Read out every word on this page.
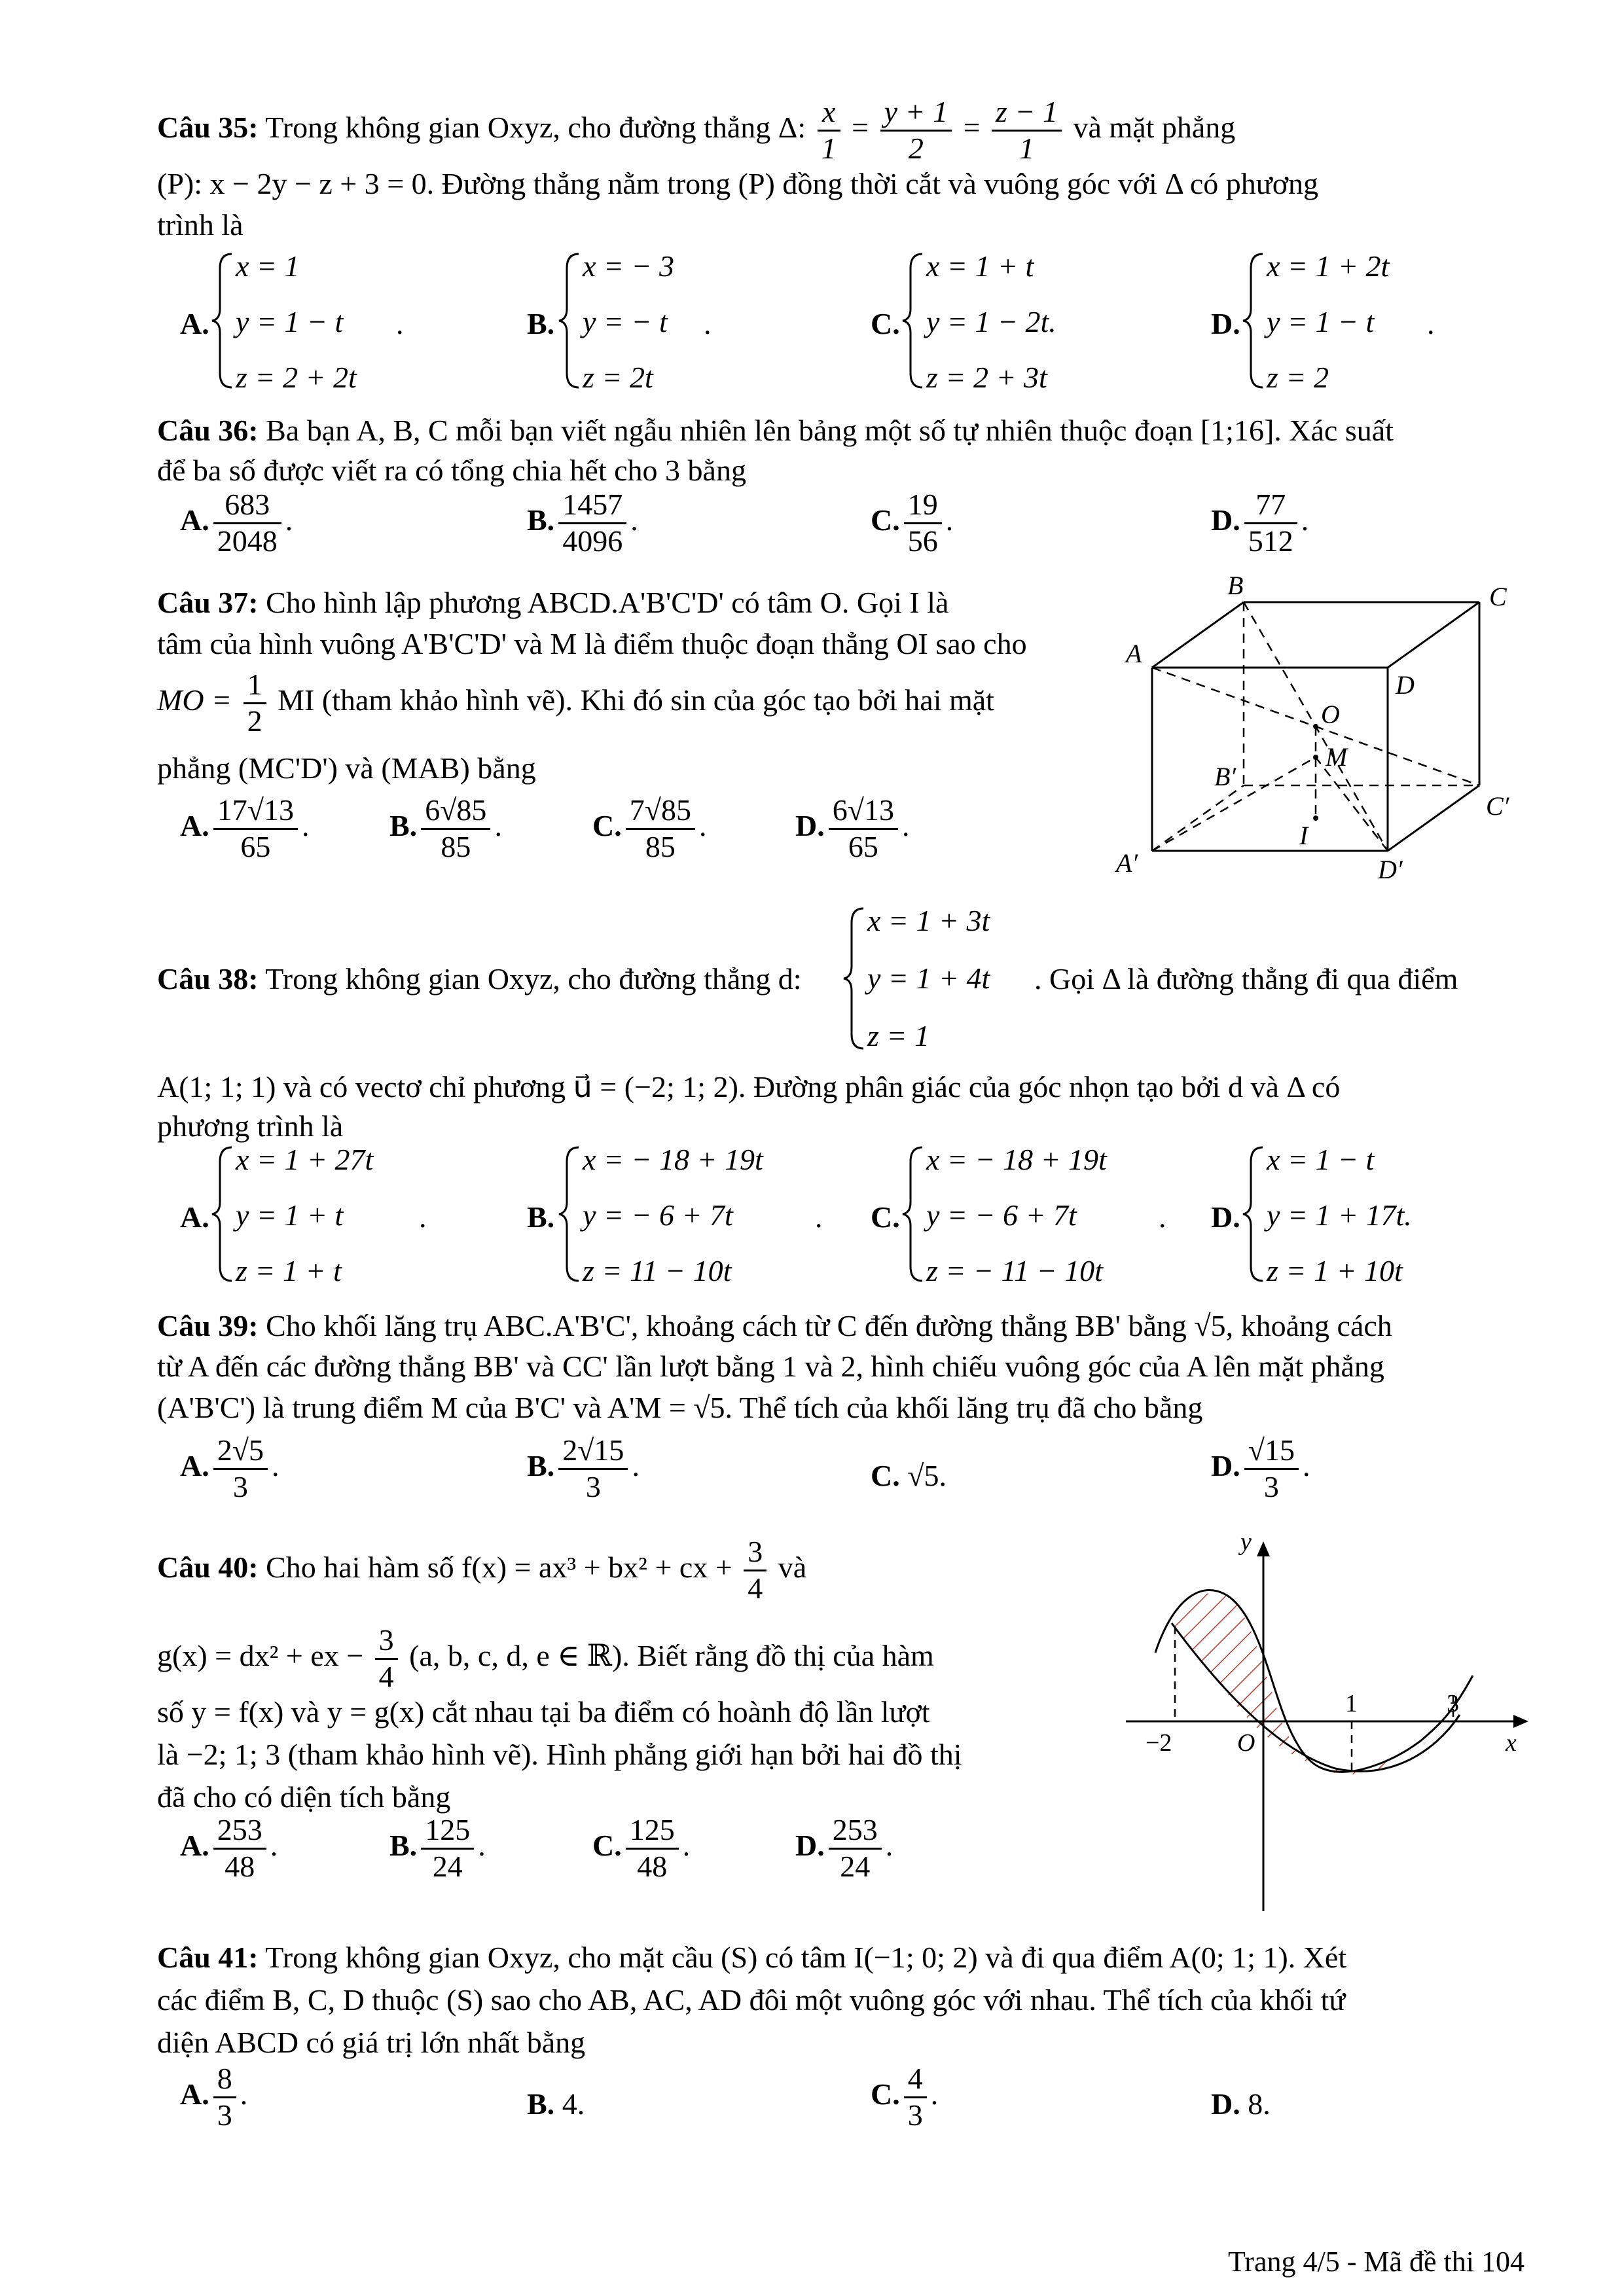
Câu 35: Trong không gian Oxyz, cho đường thẳng Δ: $\frac{x}{1} = \frac{y + 1}{2} = \frac{z - 1}{1}$ và mặt phẳng
(P): x − 2y − z + 3 = 0. Đường thẳng nằm trong (P) đồng thời cắt và vuông góc với Δ có phương
trình là
A.
x = 1
y = 1 − t
z = 2 + 2t
.	B.
x = − 3
y = − t
z = 2t
.	C.
x = 1 + t
y = 1 − 2t.
z = 2 + 3t
D.
x = 1 + 2t
y = 1 − t
z = 2
.
Câu 36: Ba bạn A, B, C mỗi bạn viết ngẫu nhiên lên bảng một số tự nhiên thuộc đoạn [1;16]. Xác suất
để ba số được viết ra có tổng chia hết cho 3 bằng
A. $\frac{683}{2048}$ .	B. $\frac{1457}{4096}$ .	C. $\frac{19}{56}$ .	D. $\frac{77}{512}$ .
Câu 37: Cho hình lập phương ABCD.A'B'C'D' có tâm O. Gọi I là
tâm của hình vuông A'B'C'D' và M là điểm thuộc đoạn thẳng OI sao cho
MO = $\frac{1}{2}$ MI (tham khảo hình vẽ). Khi đó sin của góc tạo bởi hai mặt
phẳng (MC'D') và (MAB) bằng
A. $\frac{17√13}{65}$ .	B. $\frac{6√85}{85}$ .	C. $\frac{7√85}{85}$ .	D. $\frac{6√13}{65}$ .
B	C
A
D
O
M
B′
C′
I
A′	D′
Câu 38: Trong không gian Oxyz, cho đường thẳng d:
x = 1 + 3t
y = 1 + 4t
z = 1
. Gọi Δ là đường thẳng đi qua điểm
A(1; 1; 1) và có vectơ chỉ phương u⃗ = (−2; 1; 2). Đường phân giác của góc nhọn tạo bởi d và Δ có
phương trình là
A.
x = 1 + 27t
y = 1 + t
z = 1 + t
.	B.
x = − 18 + 19t
y = − 6 + 7t
z = 11 − 10t
. C.
x = − 18 + 19t
y = − 6 + 7t
z = − 11 − 10t
. D.
x = 1 − t
y = 1 + 17t.
z = 1 + 10t
Câu 39: Cho khối lăng trụ ABC.A'B'C', khoảng cách từ C đến đường thẳng BB' bằng √5, khoảng cách
từ A đến các đường thẳng BB' và CC' lần lượt bằng 1 và 2, hình chiếu vuông góc của A lên mặt phẳng
(A'B'C') là trung điểm M của B'C' và A'M = √5. Thể tích của khối lăng trụ đã cho bằng
A. $\frac{2√5}{3}$ .	B. $\frac{2√15}{3}$ .	C. √5.	D. $\frac{√15}{3}$ .
Câu 40: Cho hai hàm số f(x) = ax³ + bx² + cx + $\frac{3}{4}$ và
g(x) = dx² + ex − $\frac{3}{4} (a$, b, c, d, e ∈ ℝ). Biết rằng đồ thị của hàm
số y = f(x) và y = g(x) cắt nhau tại ba điểm có hoành độ lần lượt
là −2; 1; 3 (tham khảo hình vẽ). Hình phẳng giới hạn bởi hai đồ thị
đã cho có diện tích bằng
A. $\frac{253}{48}$ .	B. $\frac{125}{24}$ .	C. $\frac{125}{48}$ .	D. $\frac{253}{24}$ .
y
x
O
−2
1	3
Câu 41: Trong không gian Oxyz, cho mặt cầu (S) có tâm I(−1; 0; 2) và đi qua điểm A(0; 1; 1). Xét
các điểm B, C, D thuộc (S) sao cho AB, AC, AD đôi một vuông góc với nhau. Thể tích của khối tứ
diện ABCD có giá trị lớn nhất bằng
A. $\frac{8}{3}$ .	B. 4.	C. $\frac{4}{3}$ .	D. 8.
Trang 4/5 - Mã đề thi 104
